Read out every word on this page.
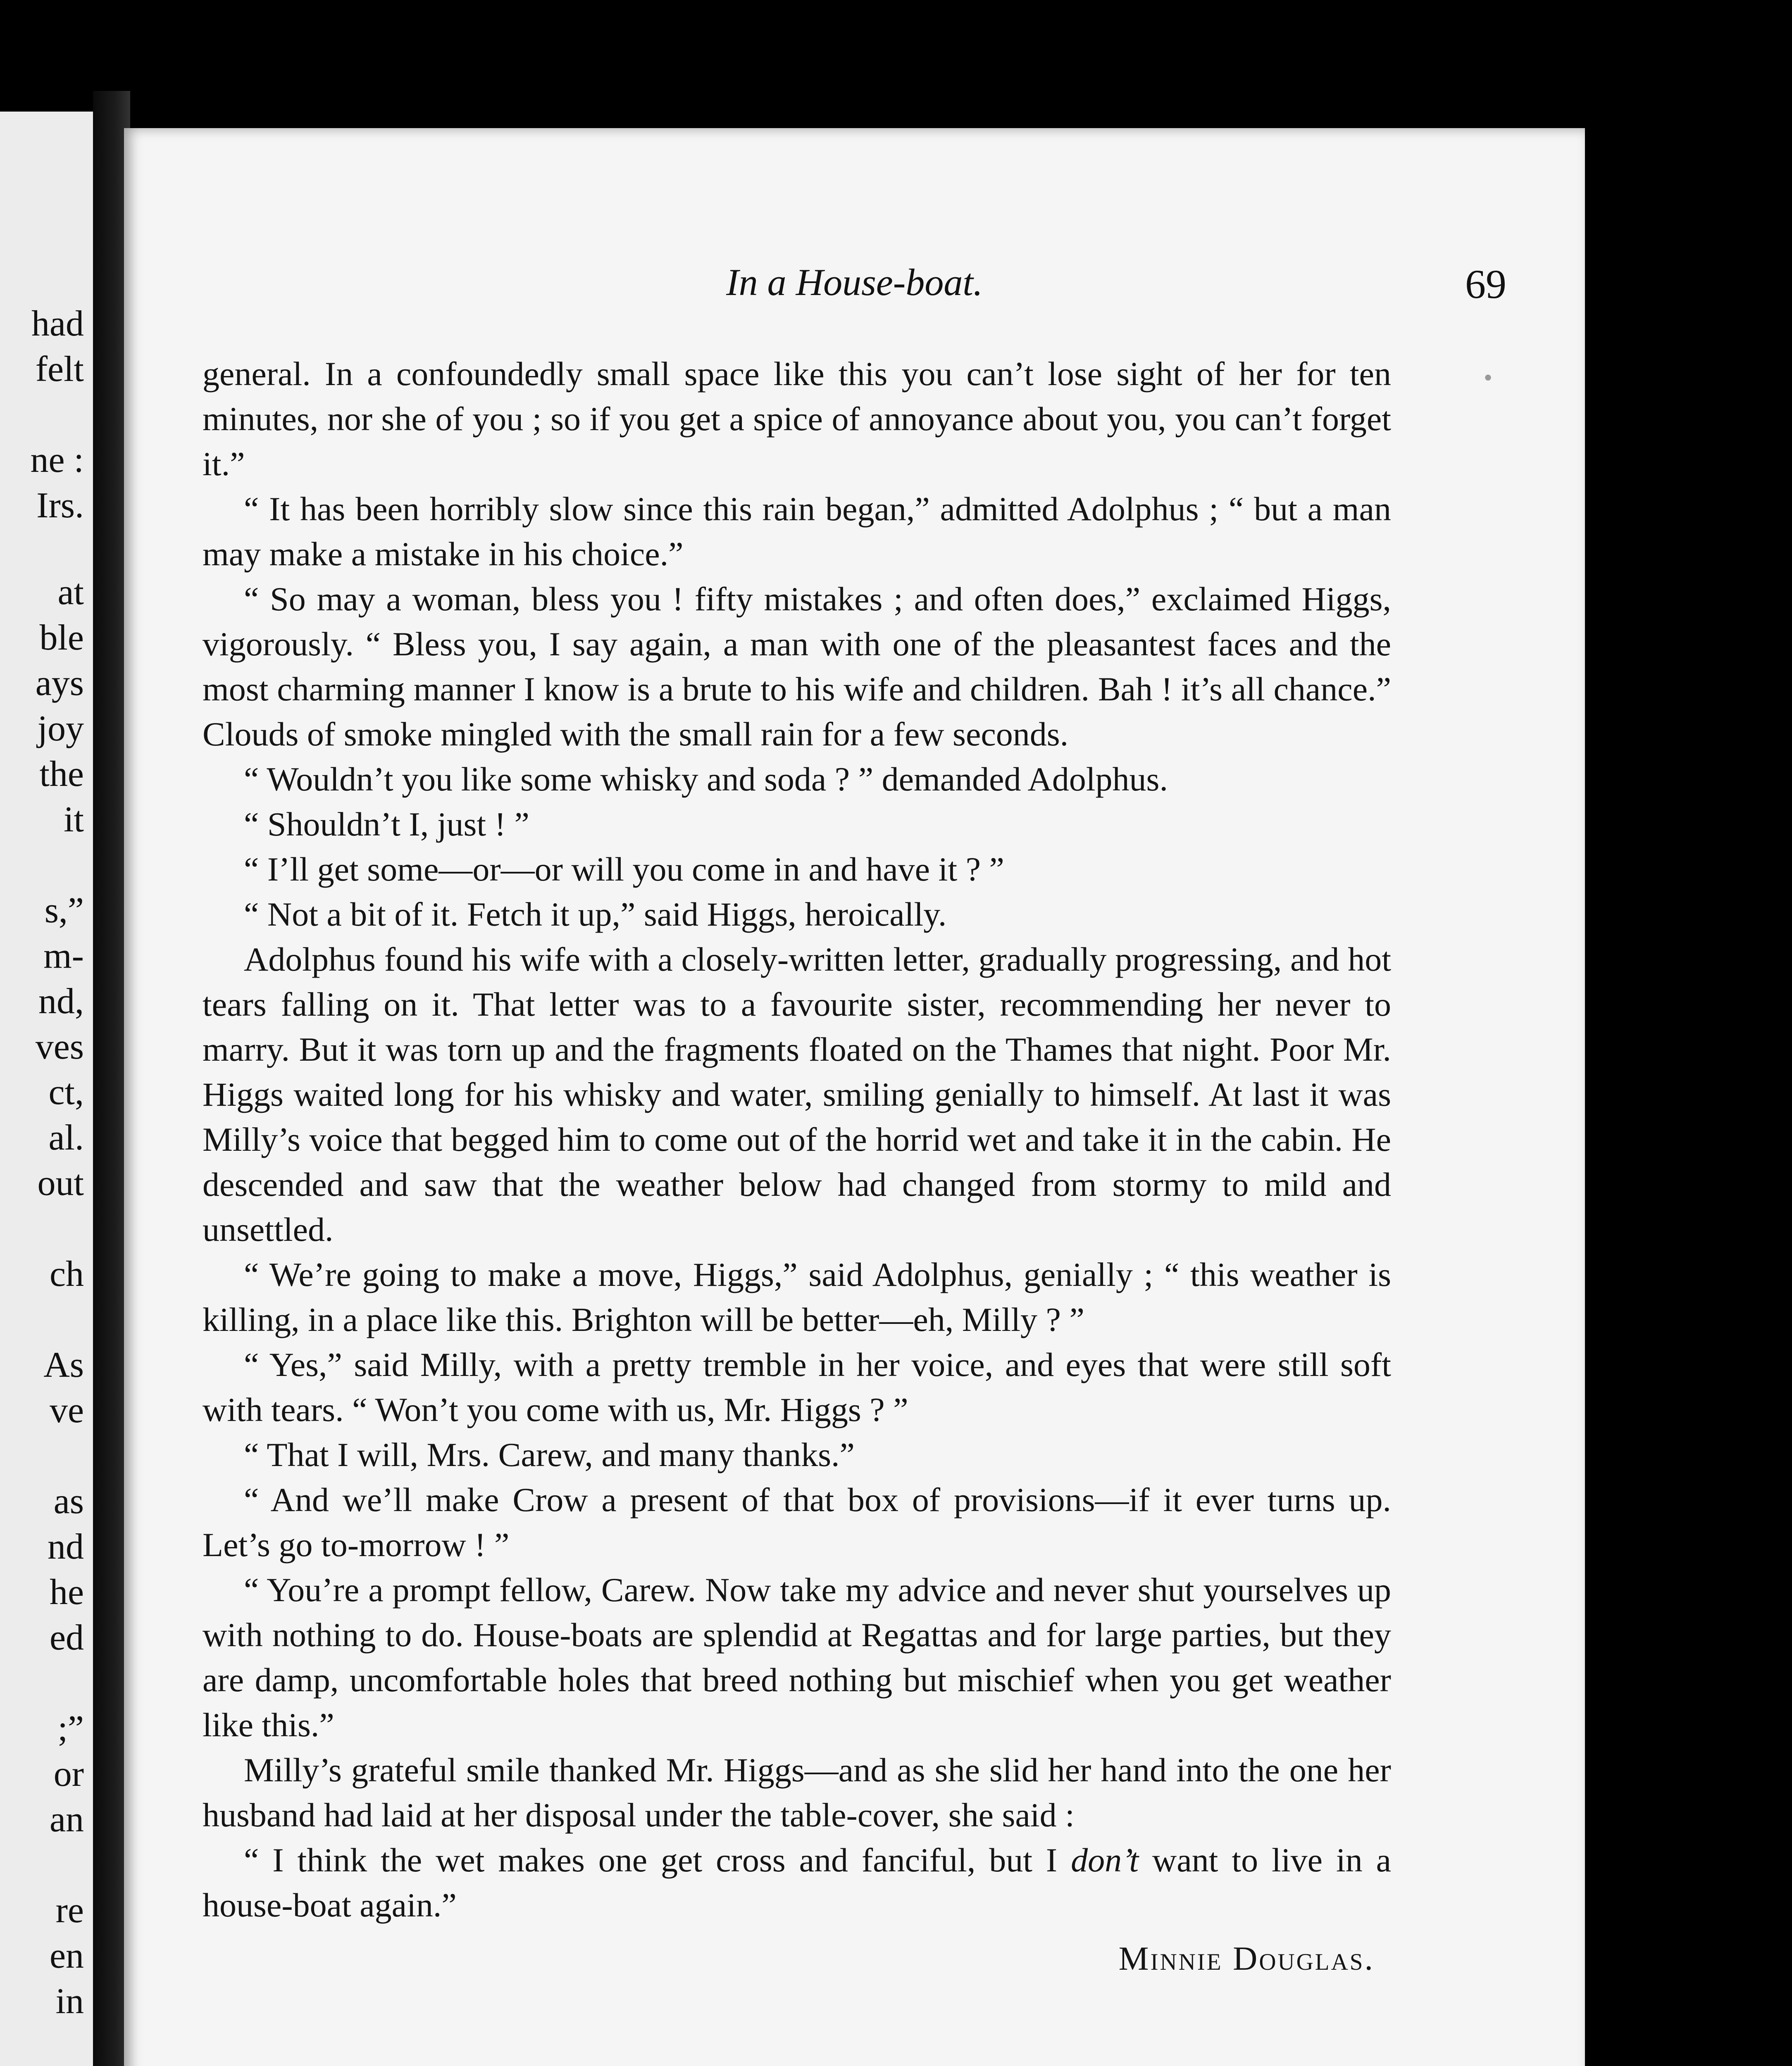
had
felt
ne :
Irs.
at
ble
ays
joy
the
it
s,”
m-
nd,
ves
ct,
al.
out
ch
As
ve
as
nd
he
ed
;”
or
an
re
en
in
In a House-boat.	69

general. In a confoundedly small space like this you can’t lose sight of her for ten minutes, nor she of you ; so if you get a spice of annoyance about you, you can’t forget it.”

“ It has been horribly slow since this rain began,” admitted Adolphus ; “ but a man may make a mistake in his choice.”

“ So may a woman, bless you ! fifty mistakes ; and often does,” exclaimed Higgs, vigorously. “ Bless you, I say again, a man with one of the pleasantest faces and the most charming manner I know is a brute to his wife and children. Bah ! it’s all chance.” Clouds of smoke mingled with the small rain for a few seconds.

“ Wouldn’t you like some whisky and soda ? ” demanded Adolphus.

“ Shouldn’t I, just ! ”

“ I’ll get some—or—or will you come in and have it ? ”

“ Not a bit of it. Fetch it up,” said Higgs, heroically.

Adolphus found his wife with a closely-written letter, gradually progressing, and hot tears falling on it. That letter was to a favourite sister, recommending her never to marry. But it was torn up and the fragments floated on the Thames that night. Poor Mr. Higgs waited long for his whisky and water, smiling genially to himself. At last it was Milly’s voice that begged him to come out of the horrid wet and take it in the cabin. He descended and saw that the weather below had changed from stormy to mild and unsettled.

“ We’re going to make a move, Higgs,” said Adolphus, genially ; “ this weather is killing, in a place like this. Brighton will be better—eh, Milly ? ”

“ Yes,” said Milly, with a pretty tremble in her voice, and eyes that were still soft with tears. “ Won’t you come with us, Mr. Higgs ? ”

“ That I will, Mrs. Carew, and many thanks.”

“ And we’ll make Crow a present of that box of provisions—if it ever turns up. Let’s go to-morrow ! ”

“ You’re a prompt fellow, Carew. Now take my advice and never shut yourselves up with nothing to do. House-boats are splendid at Regattas and for large parties, but they are damp, uncomfortable holes that breed nothing but mischief when you get weather like this.”

Milly’s grateful smile thanked Mr. Higgs—and as she slid her hand into the one her husband had laid at her disposal under the table-cover, she said :

“ I think the wet makes one get cross and fanciful, but I don’t want to live in a house-boat again.”

Minnie Douglas.
•
